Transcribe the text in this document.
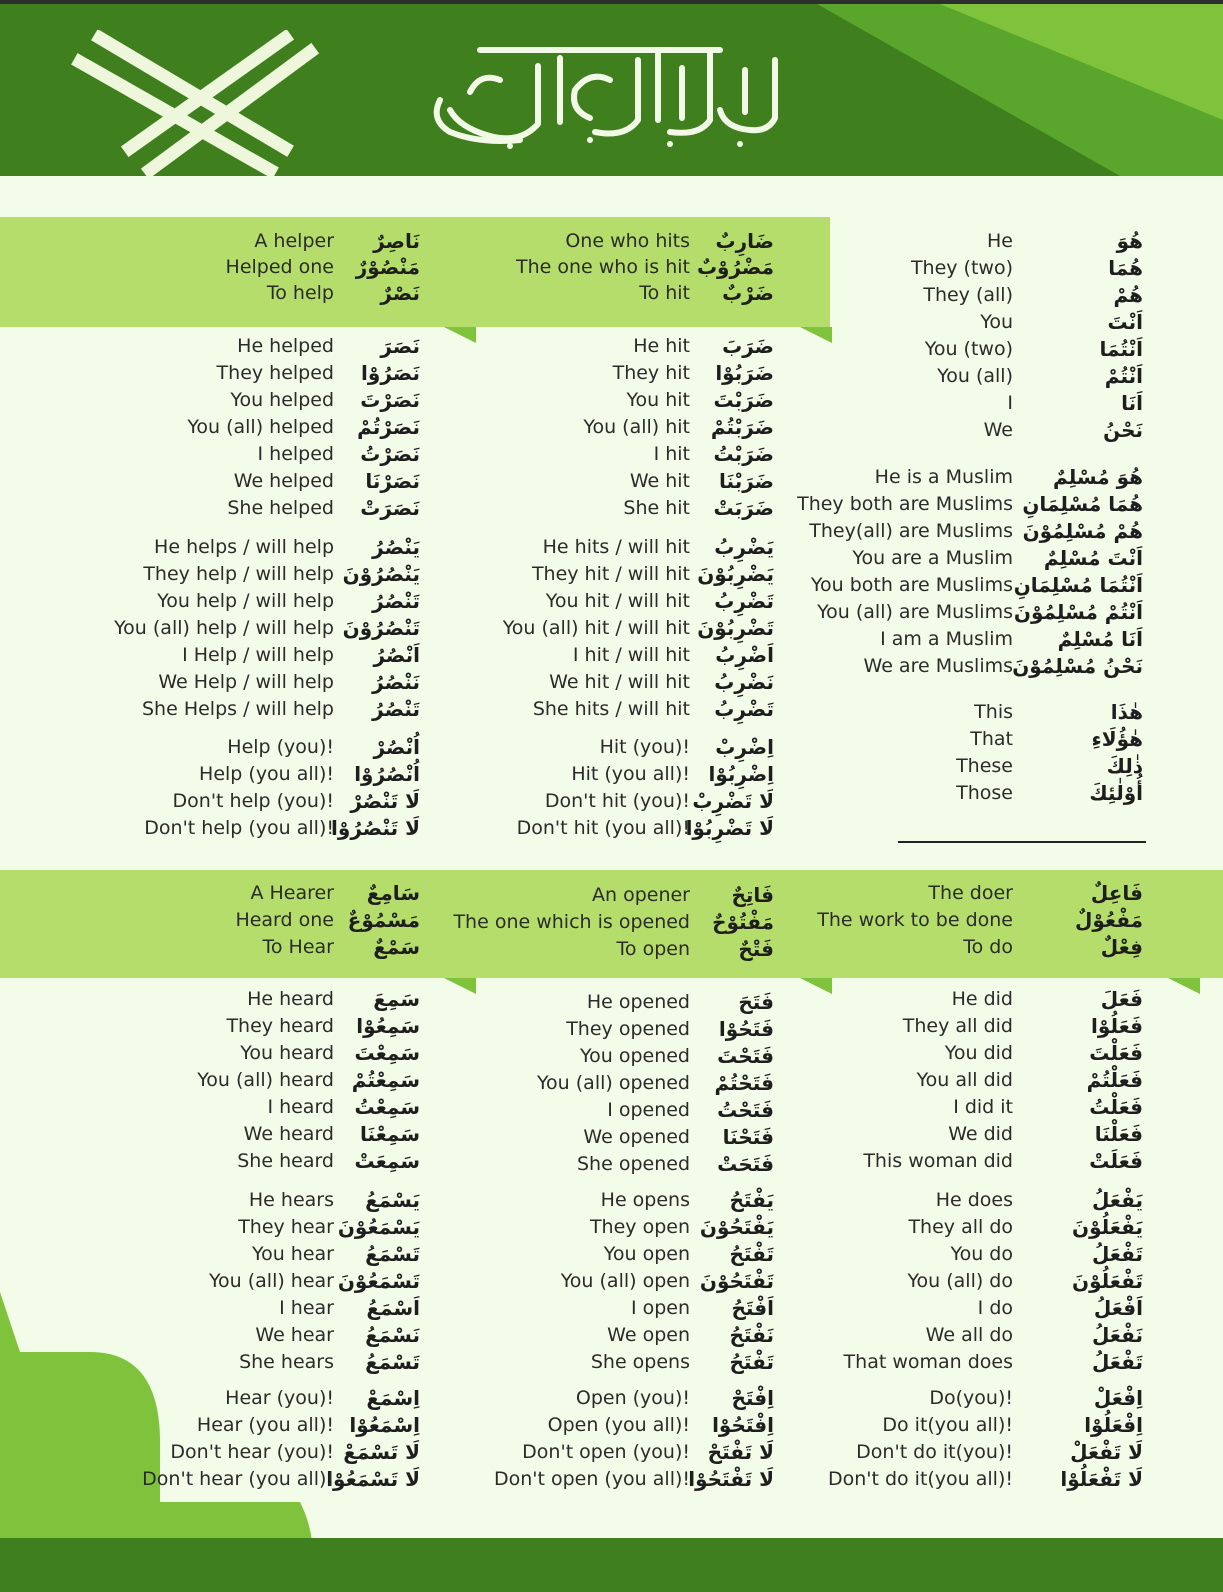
هُوَ
He
هُمَا
They (two)
هُمْ
They (all)
اَنْتَ
You
اَنْتُمَا
You (two)
اَنْتُمْ
You (all)
اَنَا
I
نَحْنُ
We
هُوَ مُسْلِمٌ
He is a Muslim
هُمَا مُسْلِمَانِ
They both are Muslims
هُمْ مُسْلِمُوْنَ
They(all) are Muslims
اَنْتَ مُسْلِمٌ
You are a Muslim
اَنْتُمَا مُسْلِمَانِ
You both are Muslims
اَنْتُمْ مُسْلِمُوْنَ
You (all) are Muslims
اَنَا مُسْلِمٌ
I am a Muslim
نَحْنُ مُسْلِمُوْنَ
We are Muslims
هٰذَا
This
هٰؤُلَاءِ
That
ذٰلِكَ
These
أُوْلٰئِكَ
Those
ضَارِبٌ
One who hits
مَضْرُوْبٌ
The one who is hit
ضَرْبٌ
To hit
ضَرَبَ
He hit
ضَرَبُوْا
They hit
ضَرَبْتَ
You hit
ضَرَبْتُمْ
You (all) hit
ضَرَبْتُ
I hit
ضَرَبْنَا
We hit
ضَرَبَتْ
She hit
يَضْرِبُ
He hits / will hit
يَضْرِبُوْنَ
They hit / will hit
تَضْرِبُ
You hit / will hit
تَضْرِبُوْنَ
You (all) hit / will hit
اَضْرِبُ
I hit / will hit
نَضْرِبُ
We hit / will hit
تَضْرِبُ
She hits / will hit
اِضْرِبْ
Hit (you)!
اِضْرِبُوْا
Hit (you all)!
لَا تَضْرِبْ
Don't hit (you)!
لَا تَضْرِبُوْا
Don't hit (you all)!
نَاصِرٌ
A helper
مَنْصُوْرٌ
Helped one
نَصْرٌ
To help
نَصَرَ
He helped
نَصَرُوْا
They helped
نَصَرْتَ
You helped
نَصَرْتُمْ
You (all) helped
نَصَرْتُ
I helped
نَصَرْنَا
We helped
نَصَرَتْ
She helped
يَنْصُرُ
He helps / will help
يَنْصُرُوْنَ
They help / will help
تَنْصُرُ
You help / will help
تَنْصُرُوْنَ
You (all) help / will help
اَنْصُرُ
I Help / will help
نَنْصُرُ
We Help / will help
تَنْصُرُ
She Helps / will help
اُنْصُرْ
Help (you)!
اُنْصُرُوْا
Help (you all)!
لَا تَنْصُرْ
Don't help (you)!
لَا تَنْصُرُوْا
Don't help (you all)!
فَاعِلٌ
The doer
مَفْعُوْلٌ
The work to be done
فِعْلٌ
To do
فَعَلَ
He did
فَعَلُوْا
They all did
فَعَلْتَ
You did
فَعَلْتُمْ
You all did
فَعَلْتُ
I did it
فَعَلْنَا
We did
فَعَلَتْ
This woman did
يَفْعَلُ
He does
يَفْعَلُوْنَ
They all do
تَفْعَلُ
You do
تَفْعَلُوْنَ
You (all) do
اَفْعَلُ
I do
نَفْعَلُ
We all do
تَفْعَلُ
That woman does
اِفْعَلْ
Do(you)!
اِفْعَلُوْا
Do it(you all)!
لَا تَفْعَلْ
Don't do it(you)!
لَا تَفْعَلُوْا
Don't do it(you all)!
فَاتِحٌ
An opener
مَفْتُوْحٌ
The one which is opened
فَتْحٌ
To open
فَتَحَ
He opened
فَتَحُوْا
They opened
فَتَحْتَ
You opened
فَتَحْتُمْ
You (all) opened
فَتَحْتُ
I opened
فَتَحْنَا
We opened
فَتَحَتْ
She opened
يَفْتَحُ
He opens
يَفْتَحُوْنَ
They open
تَفْتَحُ
You open
تَفْتَحُوْنَ
You (all) open
اَفْتَحُ
I open
نَفْتَحُ
We open
تَفْتَحُ
She opens
اِفْتَحْ
Open (you)!
اِفْتَحُوْا
Open (you all)!
لَا تَفْتَحْ
Don't open (you)!
لَا تَفْتَحُوْا
Don't open (you all)!
سَامِعٌ
A Hearer
مَسْمُوْعٌ
Heard one
سَمْعٌ
To Hear
سَمِعَ
He heard
سَمِعُوْا
They heard
سَمِعْتَ
You heard
سَمِعْتُمْ
You (all) heard
سَمِعْتُ
I heard
سَمِعْنَا
We heard
سَمِعَتْ
She heard
يَسْمَعُ
He hears
يَسْمَعُوْنَ
They hear
تَسْمَعُ
You hear
تَسْمَعُوْنَ
You (all) hear
اَسْمَعُ
I hear
نَسْمَعُ
We hear
تَسْمَعُ
She hears
اِسْمَعْ
Hear (you)!
اِسْمَعُوْا
Hear (you all)!
لَا تَسْمَعْ
Don't hear (you)!
لَا تَسْمَعُوْا
Don't hear (you all)!
